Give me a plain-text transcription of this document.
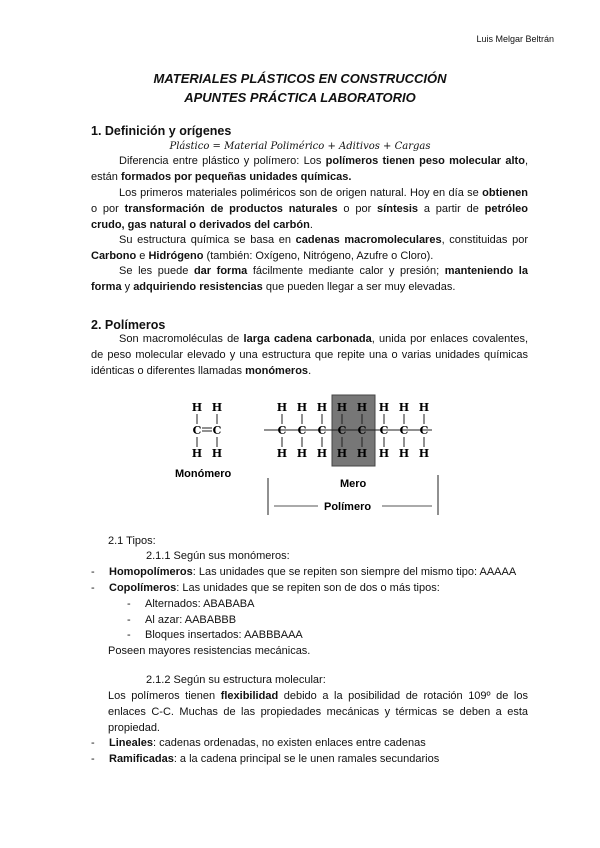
Luis Melgar Beltrán
MATERIALES PLÁSTICOS EN CONSTRUCCIÓN
APUNTES PRÁCTICA LABORATORIO
1. Definición y orígenes
Plástico = Material Polimérico + Aditivos + Cargas
Diferencia entre plástico y polímero: Los polímeros tienen peso molecular alto, están formados por pequeñas unidades químicas.
Los primeros materiales poliméricos son de origen natural. Hoy en día se obtienen o por transformación de productos naturales o por síntesis a partir de petróleo crudo, gas natural o derivados del carbón.
Su estructura química se basa en cadenas macromoleculares, constituidas por Carbono e Hidrógeno (también: Oxígeno, Nitrógeno, Azufre o Cloro).
Se les puede dar forma fácilmente mediante calor y presión; manteniendo la forma y adquiriendo resistencias que pueden llegar a ser muy elevadas.
2. Polímeros
Son macromoléculas de larga cadena carbonada, unida por enlaces covalentes, de peso molecular elevado y una estructura que repite una o varias unidades químicas idénticas o diferentes llamadas monómeros.
H
C
H
H
C
H
H
C
H
H
C
H
H
C
H
H
C
H
H
C
H
H
C
H
H
C
H
H
C
H
Monómero
Mero
Polímero
2.1 Tipos:
2.1.1 Según sus monómeros:
- Homopolímeros: Las unidades que se repiten son siempre del mismo tipo: AAAAA
- Copolímeros: Las unidades que se repiten son de dos o más tipos:
- Alternados: ABABABA
- Al azar: AABABBB
- Bloques insertados: AABBBAAA
Poseen mayores resistencias mecánicas.
2.1.2 Según su estructura molecular:
Los polímeros tienen flexibilidad debido a la posibilidad de rotación 109º de los enlaces C-C. Muchas de las propiedades mecánicas y térmicas se deben a esta propiedad.
- Lineales: cadenas ordenadas, no existen enlaces entre cadenas
- Ramificadas: a la cadena principal se le unen ramales secundarios
